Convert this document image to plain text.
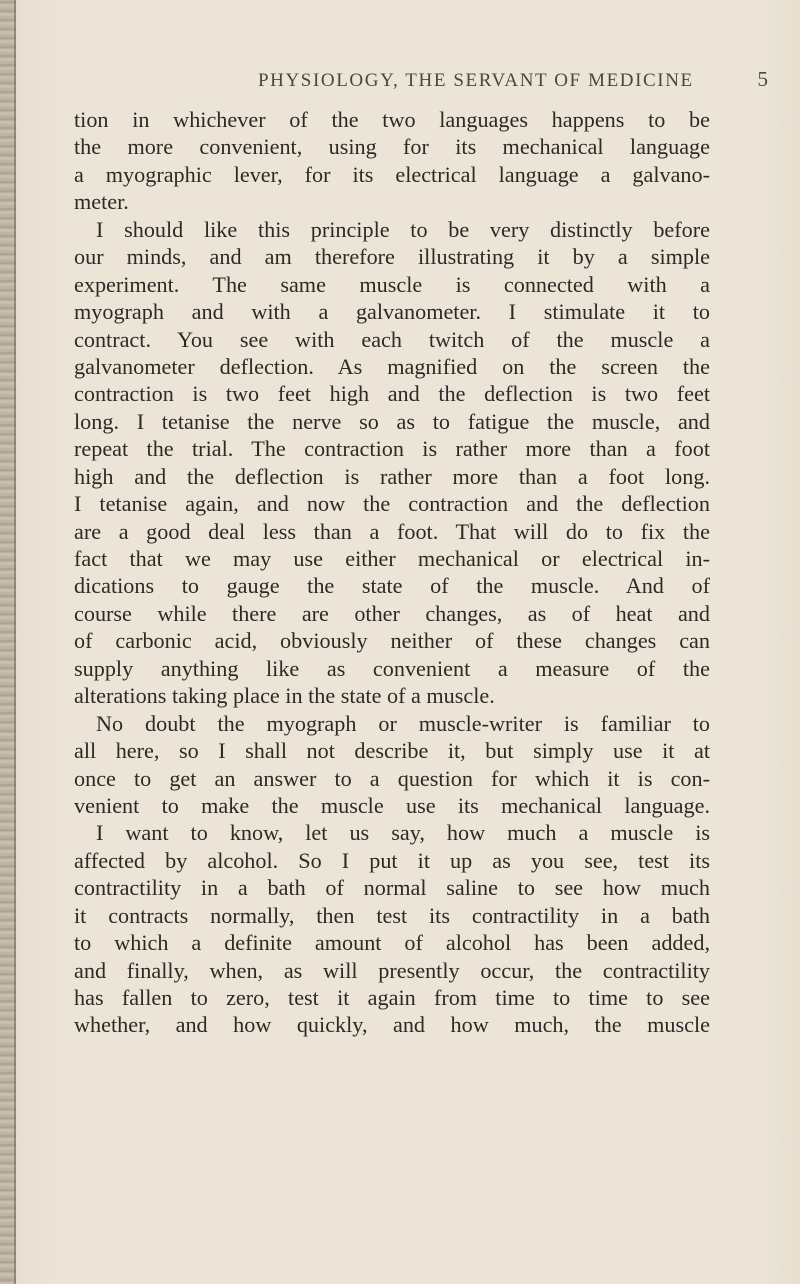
PHYSIOLOGY, THE SERVANT OF MEDICINE	5
tion in whichever of the two languages happens to be
the more convenient, using for its mechanical language
a myographic lever, for its electrical language a galvano-
meter.
I should like this principle to be very distinctly before
our minds, and am therefore illustrating it by a simple
experiment. The same muscle is connected with a
myograph and with a galvanometer. I stimulate it to
contract. You see with each twitch of the muscle a
galvanometer deflection. As magnified on the screen the
contraction is two feet high and the deflection is two feet
long. I tetanise the nerve so as to fatigue the muscle, and
repeat the trial. The contraction is rather more than a foot
high and the deflection is rather more than a foot long.
I tetanise again, and now the contraction and the deflection
are a good deal less than a foot. That will do to fix the
fact that we may use either mechanical or electrical in-
dications to gauge the state of the muscle. And of
course while there are other changes, as of heat and
of carbonic acid, obviously neither of these changes can
supply anything like as convenient a measure of the
alterations taking place in the state of a muscle.
No doubt the myograph or muscle-writer is familiar to
all here, so I shall not describe it, but simply use it at
once to get an answer to a question for which it is con-
venient to make the muscle use its mechanical language.
I want to know, let us say, how much a muscle is
affected by alcohol. So I put it up as you see, test its
contractility in a bath of normal saline to see how much
it contracts normally, then test its contractility in a bath
to which a definite amount of alcohol has been added,
and finally, when, as will presently occur, the contractility
has fallen to zero, test it again from time to time to see
whether, and how quickly, and how much, the muscle
